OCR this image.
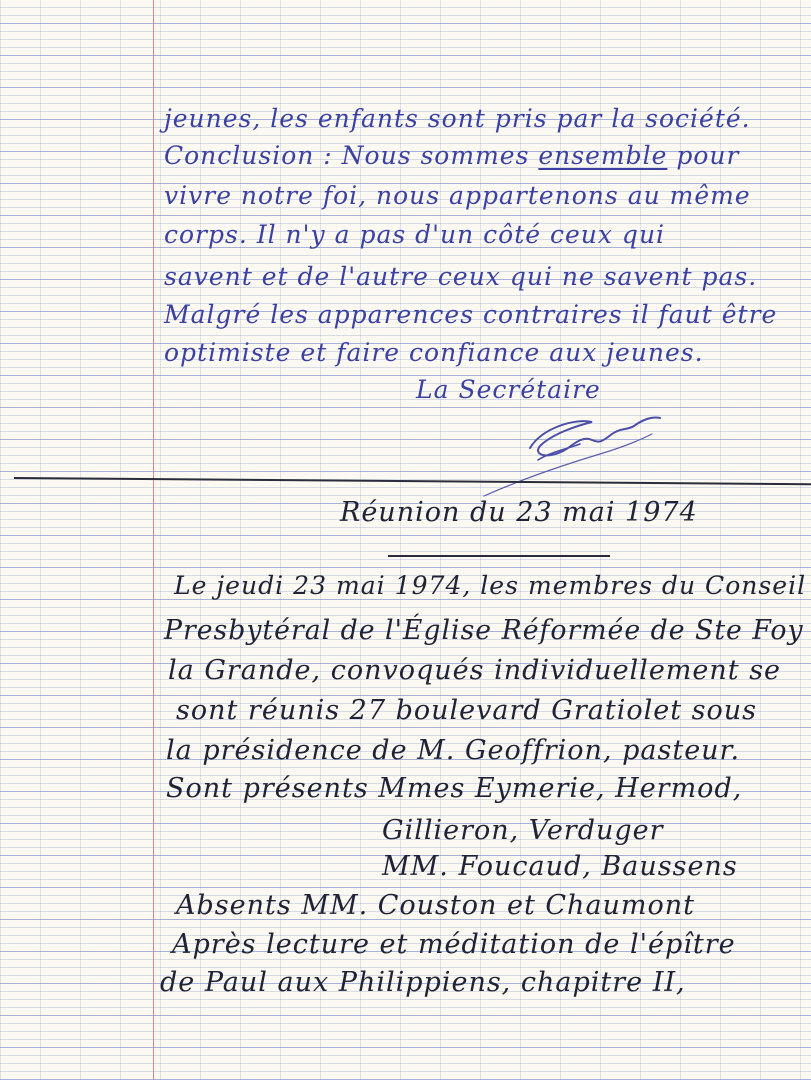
jeunes, les enfants sont pris par la société.
Conclusion : Nous sommes ensemble pour
vivre notre foi, nous appartenons au même
corps. Il n'y a pas d'un côté ceux qui
savent et de l'autre ceux qui ne savent pas.
Malgré les apparences contraires il faut être
optimiste et faire confiance aux jeunes.
La Secrétaire
Réunion du 23 mai 1974
Le jeudi 23 mai 1974, les membres du Conseil
Presbytéral de l'Église Réformée de Ste Foy
la Grande, convoqués individuellement se
sont réunis 27 boulevard Gratiolet sous
la présidence de M. Geoffrion, pasteur.
Sont présents Mmes Eymerie, Hermod,
Gillieron, Verduger
MM. Foucaud, Baussens
Absents MM. Couston et Chaumont
Après lecture et méditation de l'épître
de Paul aux Philippiens, chapitre II,
